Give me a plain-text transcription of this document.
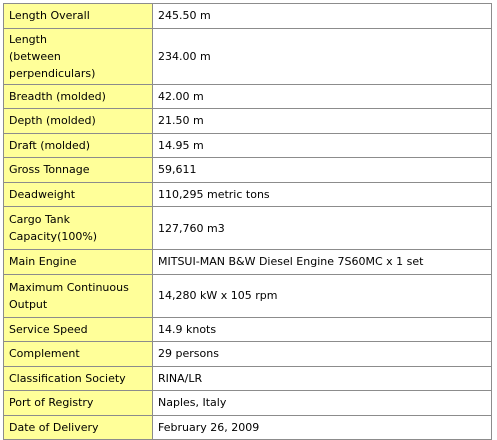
Length Overall	245.50 m

Length
(between perpendiculars)	234.00 m

Breadth (molded)	42.00 m

Depth (molded)	21.50 m

Draft (molded)	14.95 m

Gross Tonnage	59,611

Deadweight	110,295 metric tons

Cargo Tank
Capacity(100%)	127,760 m3

Main Engine	MITSUI-MAN B&W Diesel Engine 7S60MC x 1 set

Maximum Continuous
Output	14,280 kW x 105 rpm

Service Speed	14.9 knots

Complement	29 persons

Classification Society	RINA/LR

Port of Registry	Naples, Italy

Date of Delivery	February 26, 2009
